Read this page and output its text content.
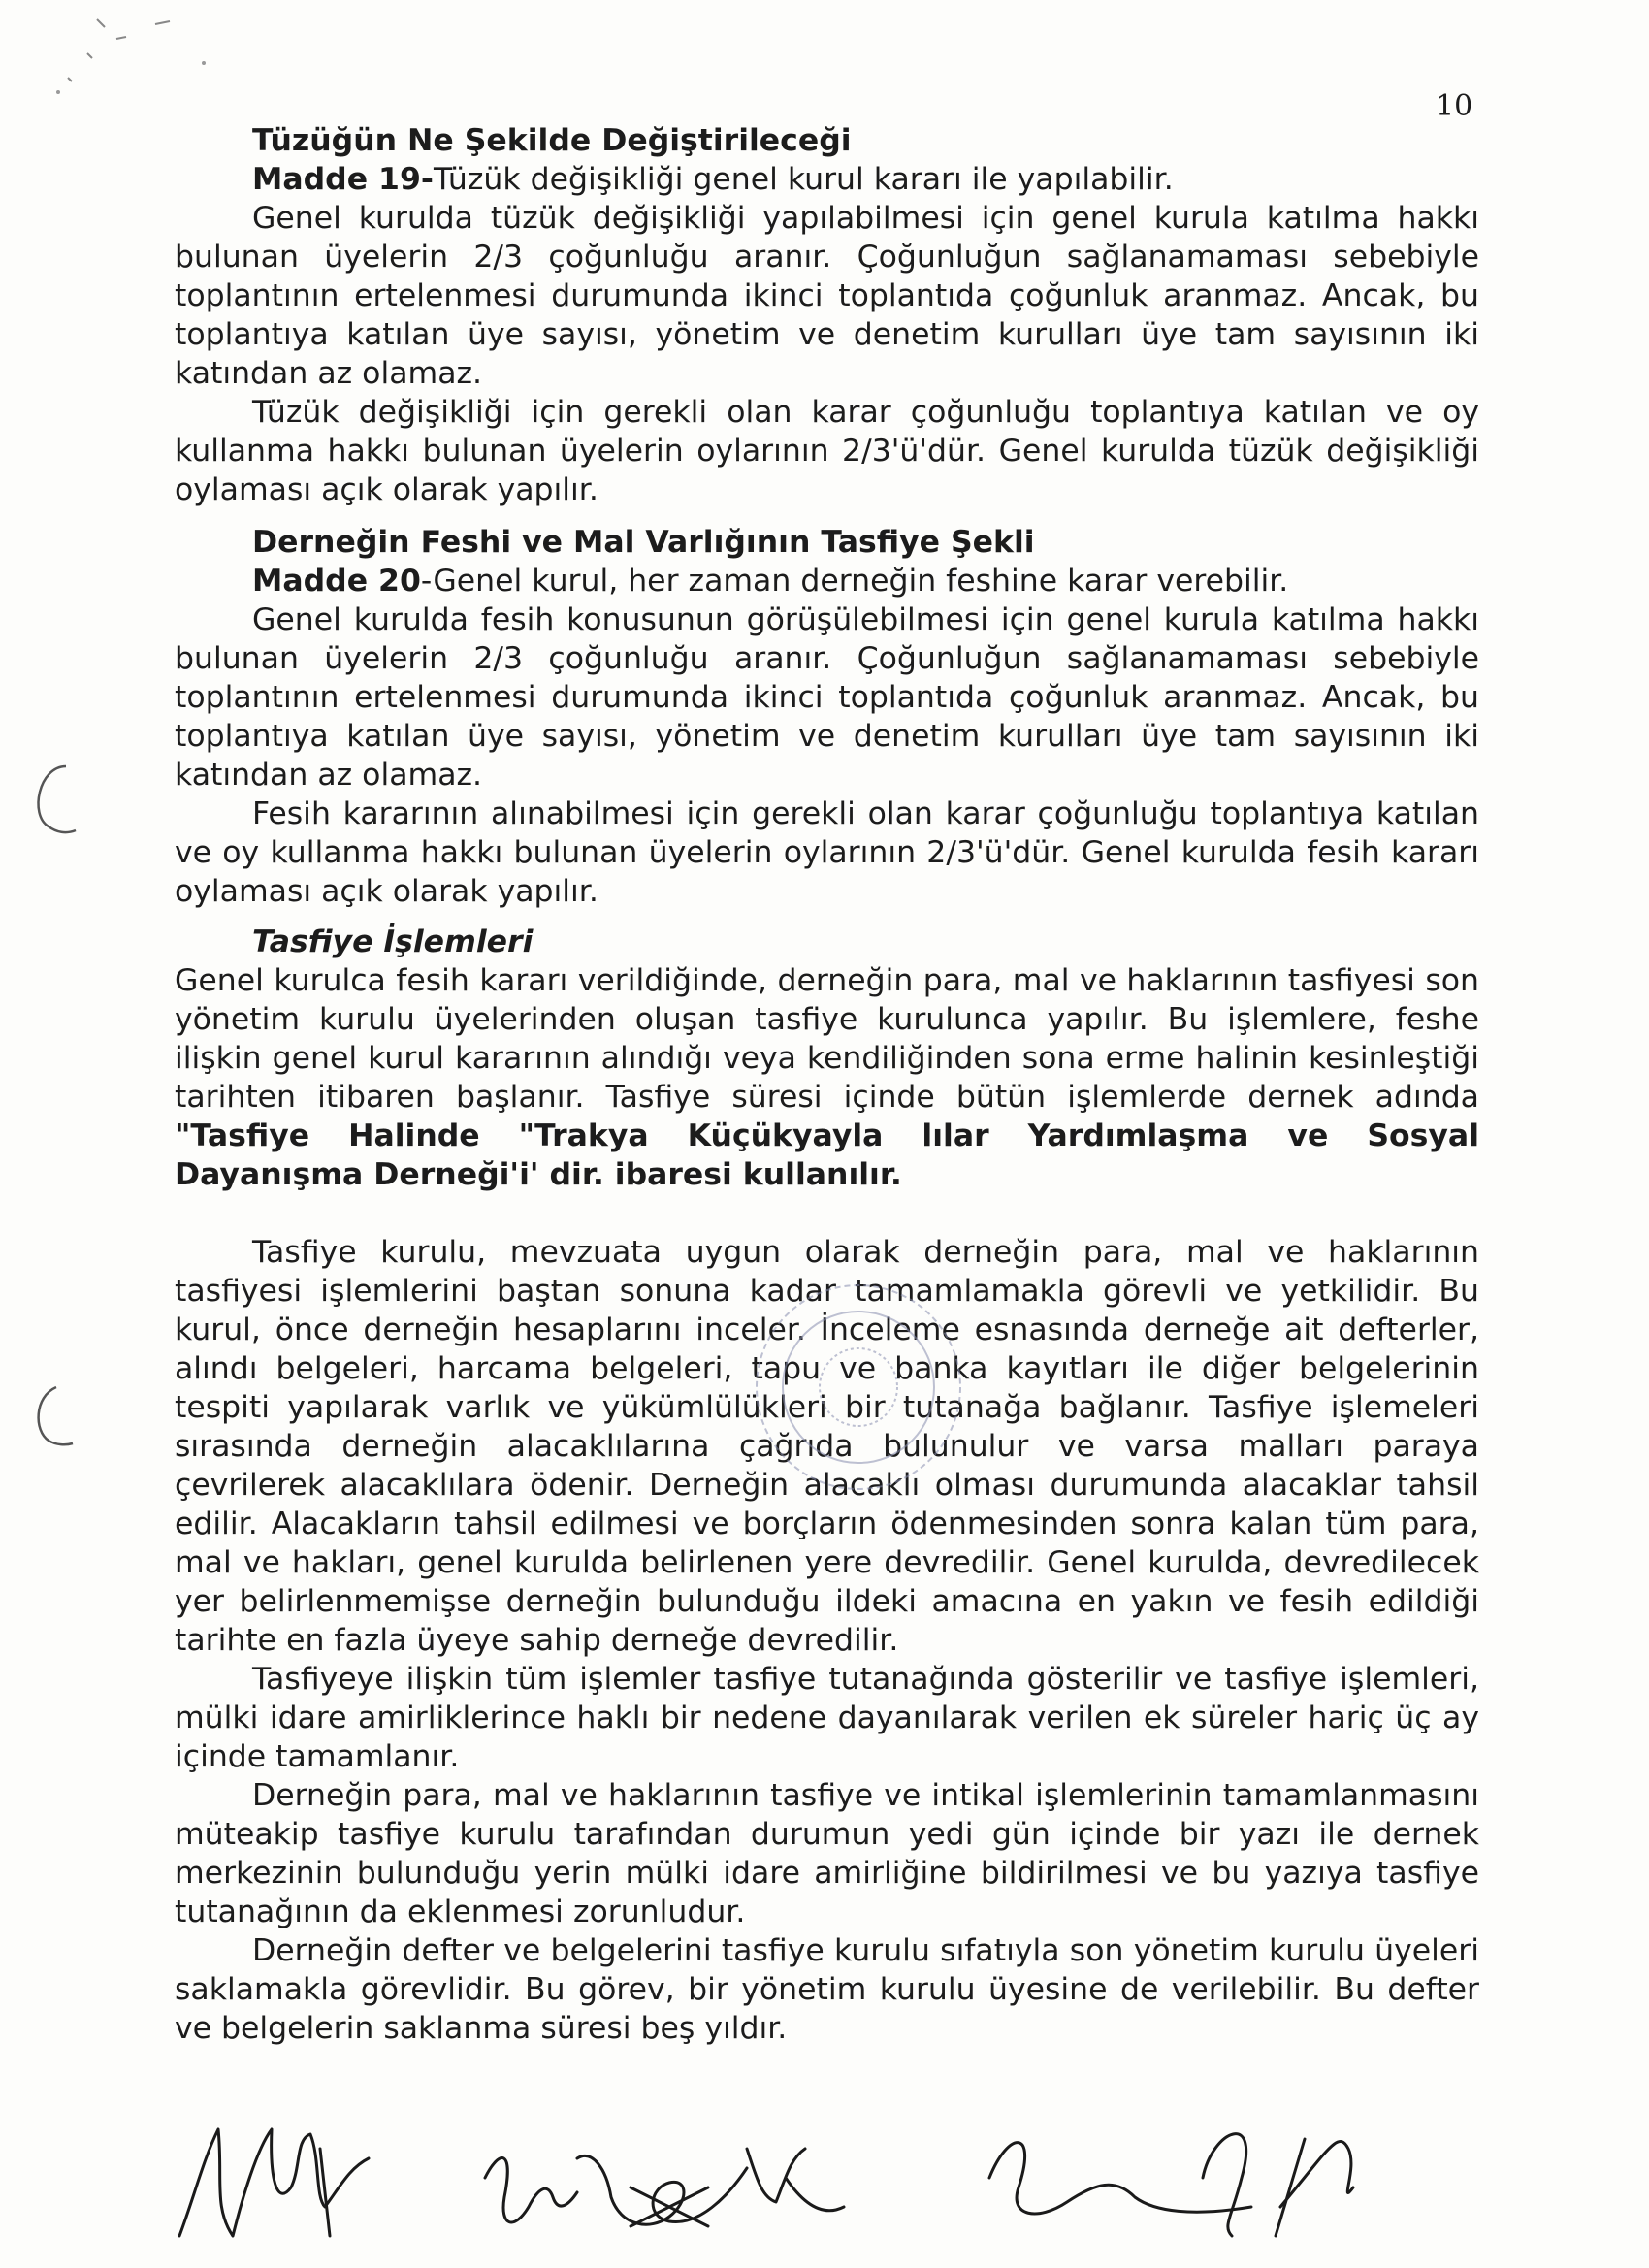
10
Tüzüğün Ne Şekilde Değiştirileceği

Madde 19-Tüzük değişikliği genel kurul kararı ile yapılabilir.

Genel kurulda tüzük değişikliği yapılabilmesi için genel kurula katılma hakkı bulunan üyelerin 2/3 çoğunluğu aranır. Çoğunluğun sağlanamaması sebebiyle toplantının ertelenmesi durumunda ikinci toplantıda çoğunluk aranmaz. Ancak, bu toplantıya katılan üye sayısı, yönetim ve denetim kurulları üye tam sayısının iki katından az olamaz.

Tüzük değişikliği için gerekli olan karar çoğunluğu toplantıya katılan ve oy kullanma hakkı bulunan üyelerin oylarının 2/3'ü'dür. Genel kurulda tüzük değişikliği oylaması açık olarak yapılır.

Derneğin Feshi ve Mal Varlığının Tasfiye Şekli

Madde 20-Genel kurul, her zaman derneğin feshine karar verebilir.

Genel kurulda fesih konusunun görüşülebilmesi için genel kurula katılma hakkı bulunan üyelerin 2/3 çoğunluğu aranır. Çoğunluğun sağlanamaması sebebiyle toplantının ertelenmesi durumunda ikinci toplantıda çoğunluk aranmaz. Ancak, bu toplantıya katılan üye sayısı, yönetim ve denetim kurulları üye tam sayısının iki katından az olamaz.

Fesih kararının alınabilmesi için gerekli olan karar çoğunluğu toplantıya katılan ve oy kullanma hakkı bulunan üyelerin oylarının 2/3'ü'dür. Genel kurulda fesih kararı oylaması açık olarak yapılır.

Tasfiye İşlemleri

Genel kurulca fesih kararı verildiğinde, derneğin para, mal ve haklarının tasfiyesi son yönetim kurulu üyelerinden oluşan tasfiye kurulunca yapılır. Bu işlemlere, feshe ilişkin genel kurul kararının alındığı veya kendiliğinden sona erme halinin kesinleştiği tarihten itibaren başlanır. Tasfiye süresi içinde bütün işlemlerde dernek adında "Tasfiye Halinde "Trakya Küçükyayla lılar Yardımlaşma ve Sosyal Dayanışma Derneği'i' dir. ibaresi kullanılır.

Tasfiye kurulu, mevzuata uygun olarak derneğin para, mal ve haklarının tasfiyesi işlemlerini baştan sonuna kadar tamamlamakla görevli ve yetkilidir. Bu kurul, önce derneğin hesaplarını inceler. İnceleme esnasında derneğe ait defterler, alındı belgeleri, harcama belgeleri, tapu ve banka kayıtları ile diğer belgelerinin tespiti yapılarak varlık ve yükümlülükleri bir tutanağa bağlanır. Tasfiye işlemeleri sırasında derneğin alacaklılarına çağrıda bulunulur ve varsa malları paraya çevrilerek alacaklılara ödenir. Derneğin alacaklı olması durumunda alacaklar tahsil edilir. Alacakların tahsil edilmesi ve borçların ödenmesinden sonra kalan tüm para, mal ve hakları, genel kurulda belirlenen yere devredilir. Genel kurulda, devredilecek yer belirlenmemişse derneğin bulunduğu ildeki amacına en yakın ve fesih edildiği tarihte en fazla üyeye sahip derneğe devredilir.

Tasfiyeye ilişkin tüm işlemler tasfiye tutanağında gösterilir ve tasfiye işlemleri, mülki idare amirliklerince haklı bir nedene dayanılarak verilen ek süreler hariç üç ay içinde tamamlanır.

Derneğin para, mal ve haklarının tasfiye ve intikal işlemlerinin tamamlanmasını müteakip tasfiye kurulu tarafından durumun yedi gün içinde bir yazı ile dernek merkezinin bulunduğu yerin mülki idare amirliğine bildirilmesi ve bu yazıya tasfiye tutanağının da eklenmesi zorunludur.

Derneğin defter ve belgelerini tasfiye kurulu sıfatıyla son yönetim kurulu üyeleri saklamakla görevlidir. Bu görev, bir yönetim kurulu üyesine de verilebilir. Bu defter ve belgelerin saklanma süresi beş yıldır.
